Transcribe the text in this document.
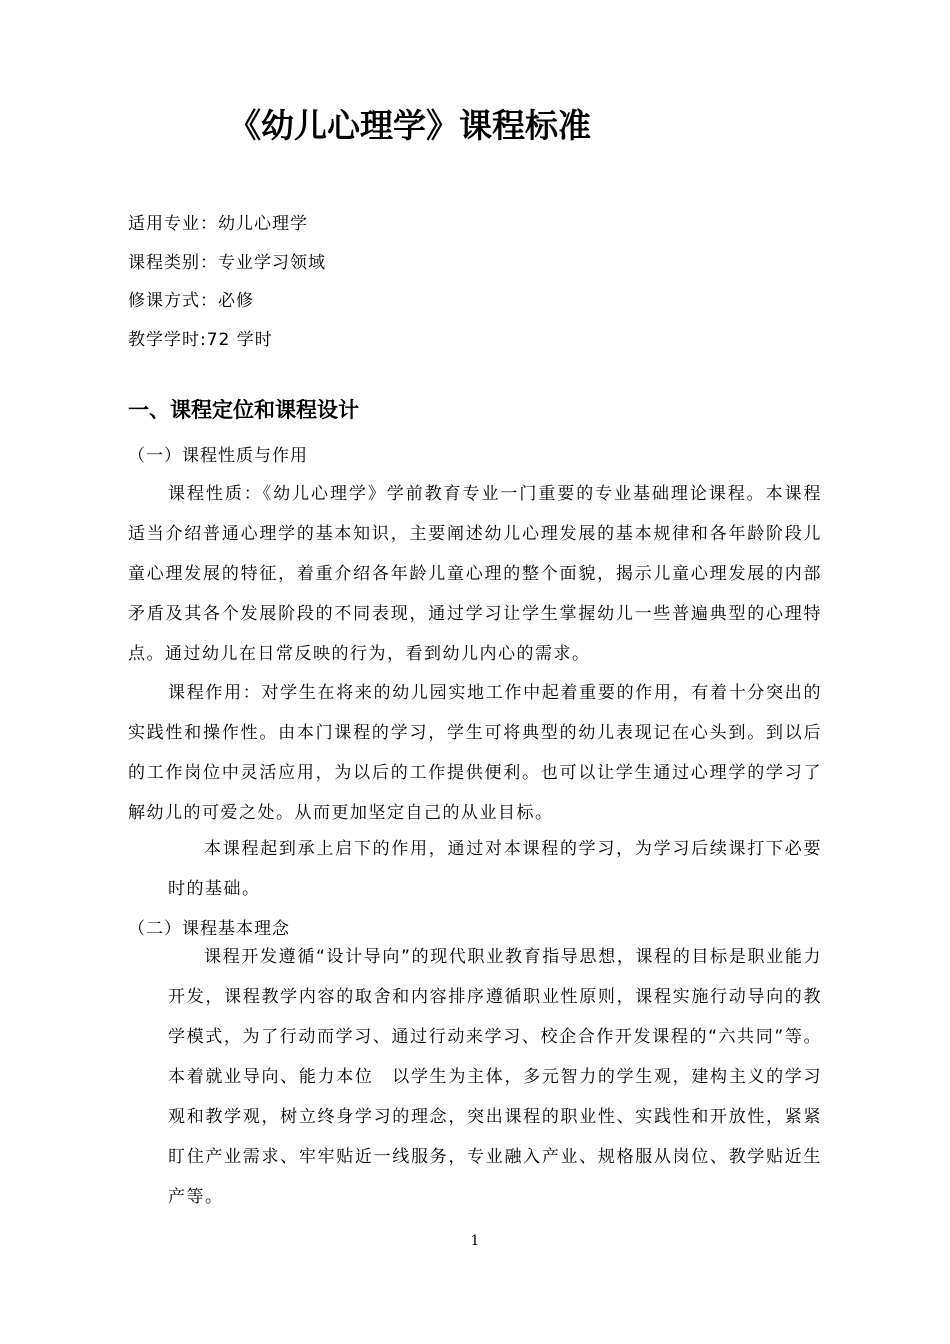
《幼儿心理学》课程标准
适用专业：幼儿心理学
课程类别：专业学习领域
修课方式：必修
教学学时:72 学时
一、课程定位和课程设计
（一）课程性质与作用
课程性质：《幼儿心理学》学前教育专业一门重要的专业基础理论课程。本课程适当介绍普通心理学的基本知识，主要阐述幼儿心理发展的基本规律和各年龄阶段儿童心理发展的特征，着重介绍各年龄儿童心理的整个面貌，揭示儿童心理发展的内部矛盾及其各个发展阶段的不同表现，通过学习让学生掌握幼儿一些普遍典型的心理特点。通过幼儿在日常反映的行为，看到幼儿内心的需求。
课程作用：对学生在将来的幼儿园实地工作中起着重要的作用，有着十分突出的实践性和操作性。由本门课程的学习，学生可将典型的幼儿表现记在心头到。到以后的工作岗位中灵活应用，为以后的工作提供便利。也可以让学生通过心理学的学习了解幼儿的可爱之处。从而更加坚定自己的从业目标。
本课程起到承上启下的作用，通过对本课程的学习，为学习后续课打下必要时的基础。
（二）课程基本理念
课程开发遵循“设计导向”的现代职业教育指导思想，课程的目标是职业能力开发，课程教学内容的取舍和内容排序遵循职业性原则，课程实施行动导向的教学模式，为了行动而学习、通过行动来学习、校企合作开发课程的“六共同”等。本着就业导向、能力本位　以学生为主体，多元智力的学生观，建构主义的学习观和教学观，树立终身学习的理念，突出课程的职业性、实践性和开放性，紧紧盯住产业需求、牢牢贴近一线服务，专业融入产业、规格服从岗位、教学贴近生产等。
1
